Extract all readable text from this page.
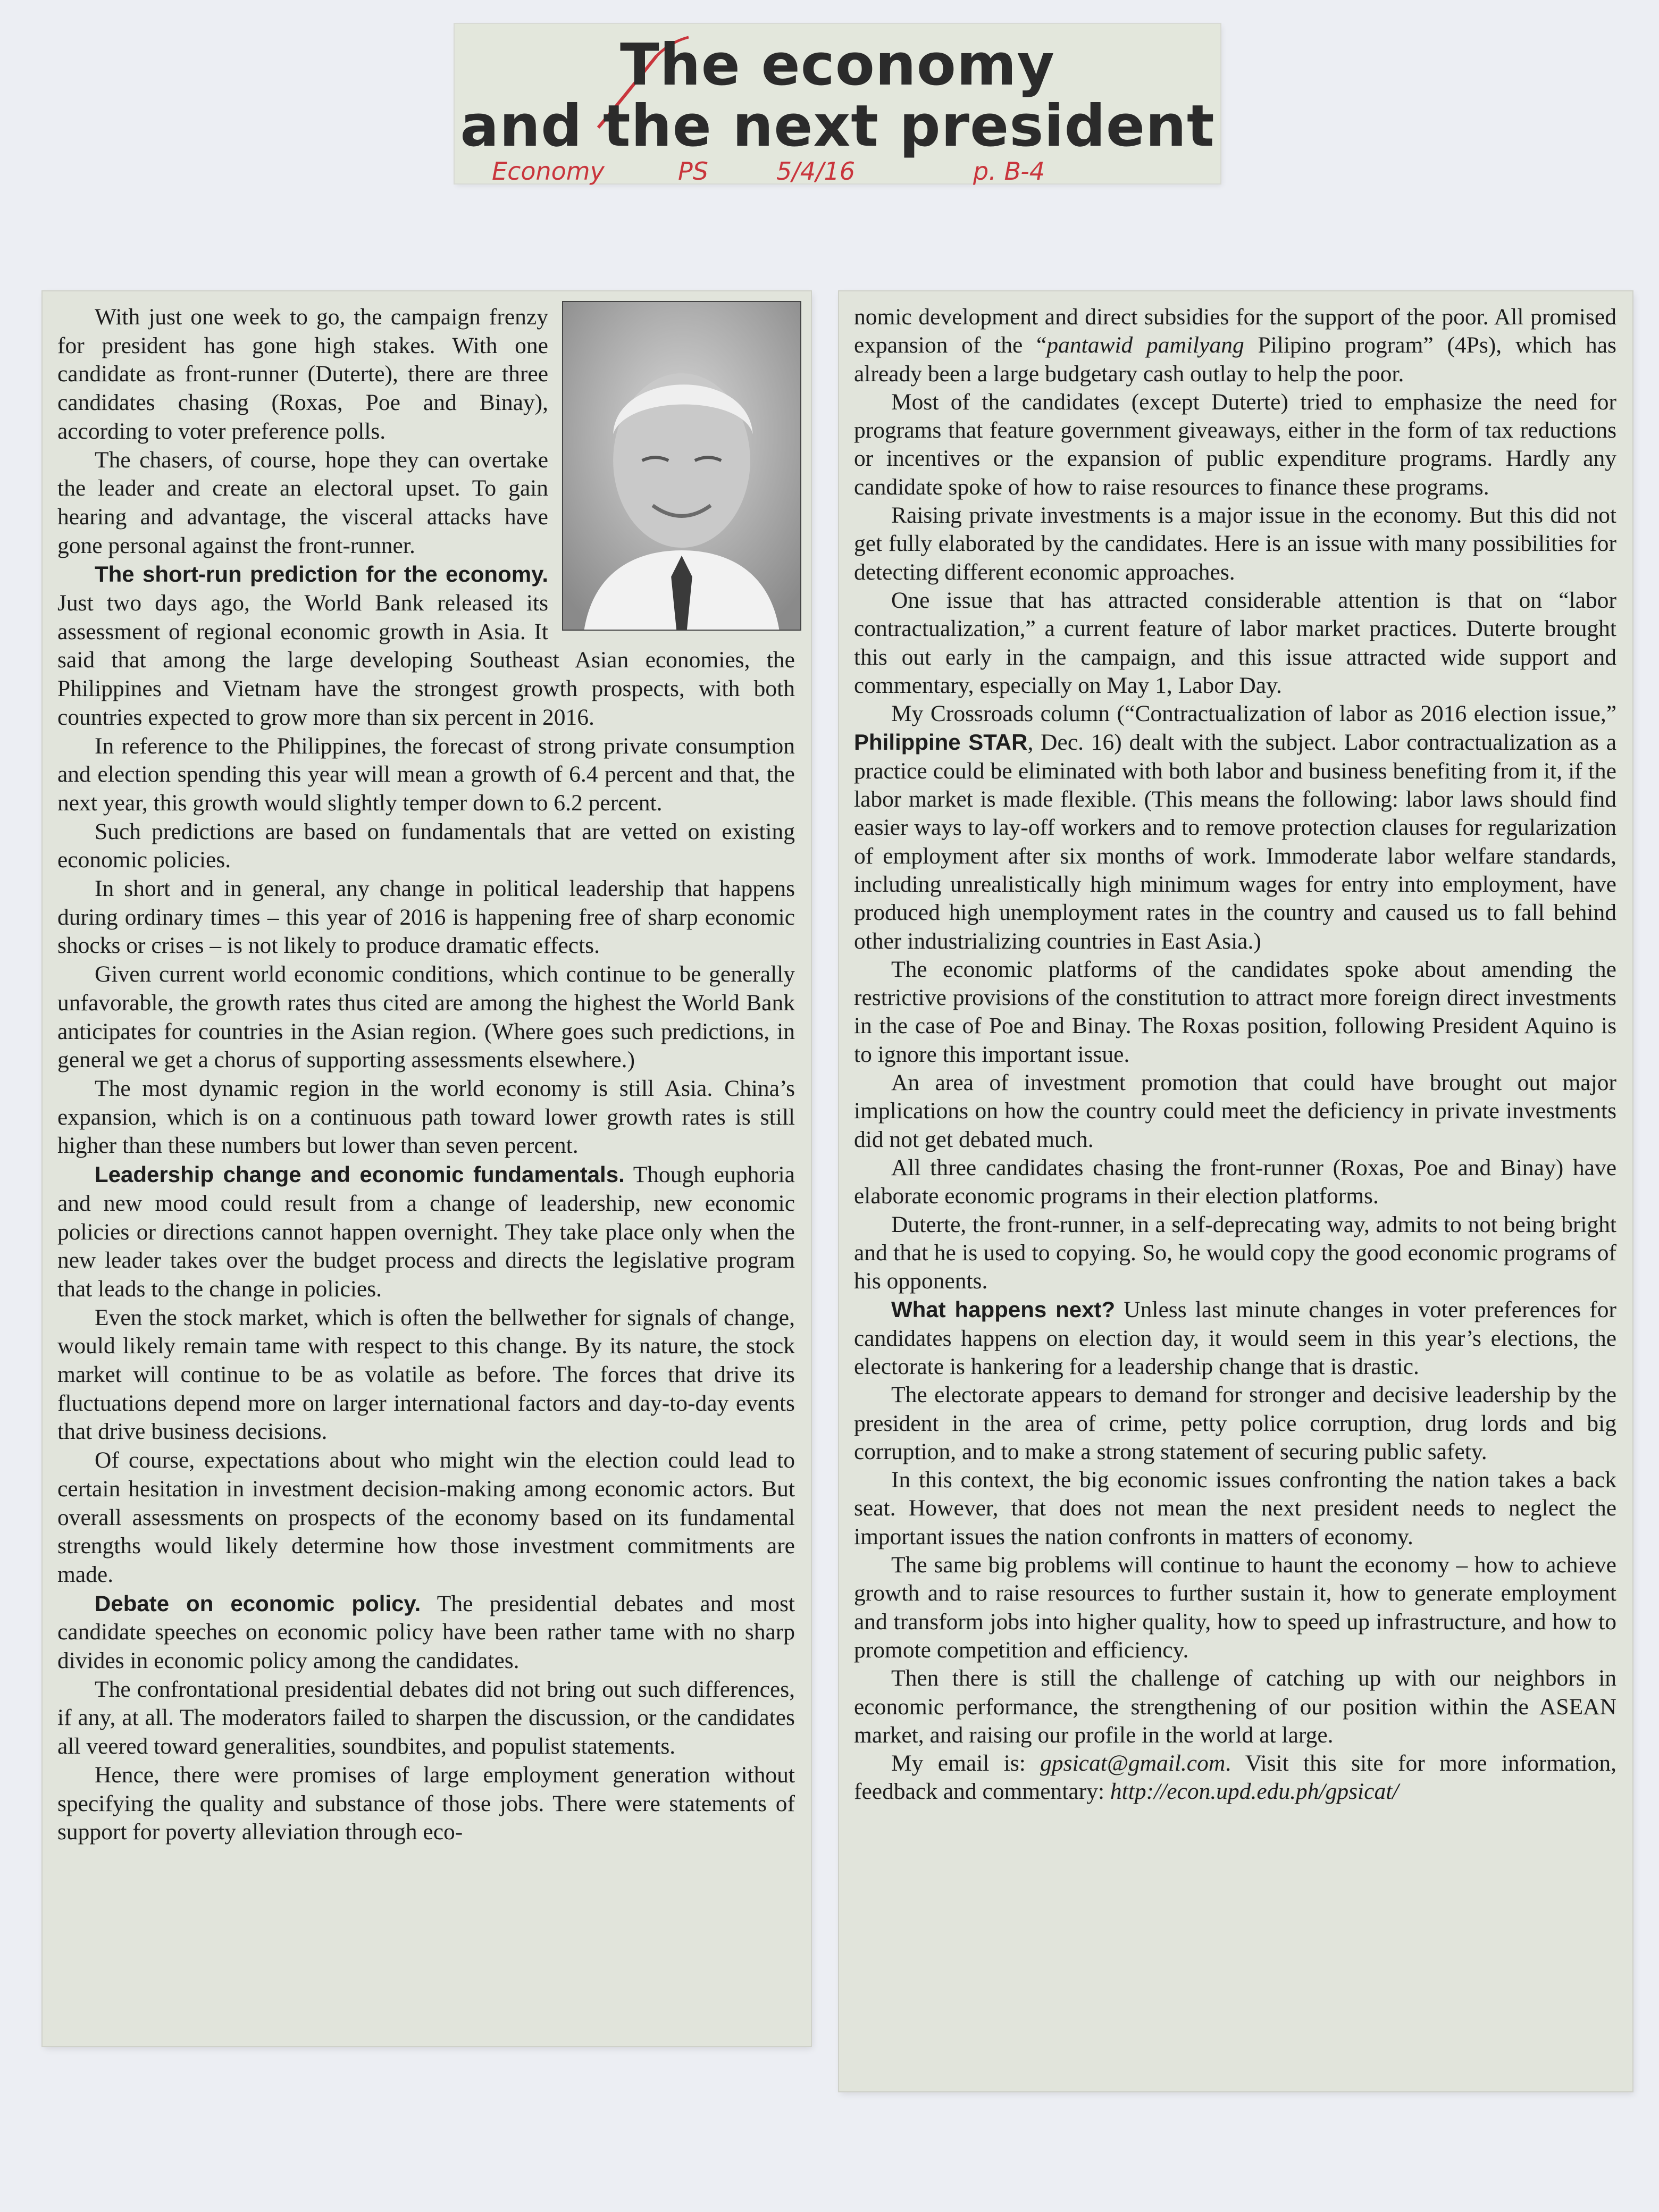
The economy
and the next president
Economy	PS	5/4/16	p. B-4

With just one week to go, the campaign frenzy for president has gone high stakes. With one candidate as front-runner (Duterte), there are three candidates chasing (Roxas, Poe and Binay), according to voter preference polls.

The chasers, of course, hope they can overtake the leader and create an electoral upset. To gain hearing and advantage, the visceral attacks have gone personal against the front-runner.

The short-run prediction for the economy. Just two days ago, the World Bank released its assessment of regional economic growth in Asia. It said that among the large developing Southeast Asian economies, the Philippines and Vietnam have the strongest growth prospects, with both countries expected to grow more than six percent in 2016.

In reference to the Philippines, the forecast of strong private consumption and election spending this year will mean a growth of 6.4 percent and that, the next year, this growth would slightly temper down to 6.2 percent.

Such predictions are based on fundamentals that are vetted on existing economic policies.

In short and in general, any change in political leadership that happens during ordinary times – this year of 2016 is happening free of sharp economic shocks or crises – is not likely to produce dramatic effects.

Given current world economic conditions, which continue to be generally unfavorable, the growth rates thus cited are among the highest the World Bank anticipates for countries in the Asian region. (Where goes such predictions, in general we get a chorus of supporting assessments elsewhere.)

The most dynamic region in the world economy is still Asia. China’s expansion, which is on a continuous path toward lower growth rates is still higher than these numbers but lower than seven percent.

Leadership change and economic fundamentals. Though euphoria and new mood could result from a change of leadership, new economic policies or directions cannot happen overnight. They take place only when the new leader takes over the budget process and directs the legislative program that leads to the change in policies.

Even the stock market, which is often the bellwether for signals of change, would likely remain tame with respect to this change. By its nature, the stock market will continue to be as volatile as before. The forces that drive its fluctuations depend more on larger international factors and day-to-day events that drive business decisions.

Of course, expectations about who might win the election could lead to certain hesitation in investment decision-making among economic actors. But overall assessments on prospects of the economy based on its fundamental strengths would likely determine how those investment commitments are made.

Debate on economic policy. The presidential debates and most candidate speeches on economic policy have been rather tame with no sharp divides in economic policy among the candidates.

The confrontational presidential debates did not bring out such differences, if any, at all. The moderators failed to sharpen the discussion, or the candidates all veered toward generalities, soundbites, and populist statements.

Hence, there were promises of large employment generation without specifying the quality and substance of those jobs. There were statements of support for poverty alleviation through eco-

nomic development and direct subsidies for the support of the poor. All promised expansion of the “pantawid pamilyang Pilipino program” (4Ps), which has already been a large budgetary cash outlay to help the poor.

Most of the candidates (except Duterte) tried to emphasize the need for programs that feature government giveaways, either in the form of tax reductions or incentives or the expansion of public expenditure programs. Hardly any candidate spoke of how to raise resources to finance these programs.

Raising private investments is a major issue in the economy. But this did not get fully elaborated by the candidates. Here is an issue with many possibilities for detecting different economic approaches.

One issue that has attracted considerable attention is that on “labor contractualization,” a current feature of labor market practices. Duterte brought this out early in the campaign, and this issue attracted wide support and commentary, especially on May 1, Labor Day.

My Crossroads column (“Contractualization of labor as 2016 election issue,” Philippine STAR, Dec. 16) dealt with the subject. Labor contractualization as a practice could be eliminated with both labor and business benefiting from it, if the labor market is made flexible. (This means the following: labor laws should find easier ways to lay-off workers and to remove protection clauses for regularization of employment after six months of work. Immoderate labor welfare standards, including unrealistically high minimum wages for entry into employment, have produced high unemployment rates in the country and caused us to fall behind other industrializing countries in East Asia.)

The economic platforms of the candidates spoke about amending the restrictive provisions of the constitution to attract more foreign direct investments in the case of Poe and Binay. The Roxas position, following President Aquino is to ignore this important issue.

An area of investment promotion that could have brought out major implications on how the country could meet the deficiency in private investments did not get debated much.

All three candidates chasing the front-runner (Roxas, Poe and Binay) have elaborate economic programs in their election platforms.

Duterte, the front-runner, in a self-deprecating way, admits to not being bright and that he is used to copying. So, he would copy the good economic programs of his opponents.

What happens next? Unless last minute changes in voter preferences for candidates happens on election day, it would seem in this year’s elections, the electorate is hankering for a leadership change that is drastic.

The electorate appears to demand for stronger and decisive leadership by the president in the area of crime, petty police corruption, drug lords and big corruption, and to make a strong statement of securing public safety.

In this context, the big economic issues confronting the nation takes a back seat. However, that does not mean the next president needs to neglect the important issues the nation confronts in matters of economy.

The same big problems will continue to haunt the economy – how to achieve growth and to raise resources to further sustain it, how to generate employment and transform jobs into higher quality, how to speed up infrastructure, and how to promote competition and efficiency.

Then there is still the challenge of catching up with our neighbors in economic performance, the strengthening of our position within the ASEAN market, and raising our profile in the world at large.

My email is: gpsicat@gmail.com. Visit this site for more information, feedback and commentary: http://econ.upd.edu.ph/gpsicat/
